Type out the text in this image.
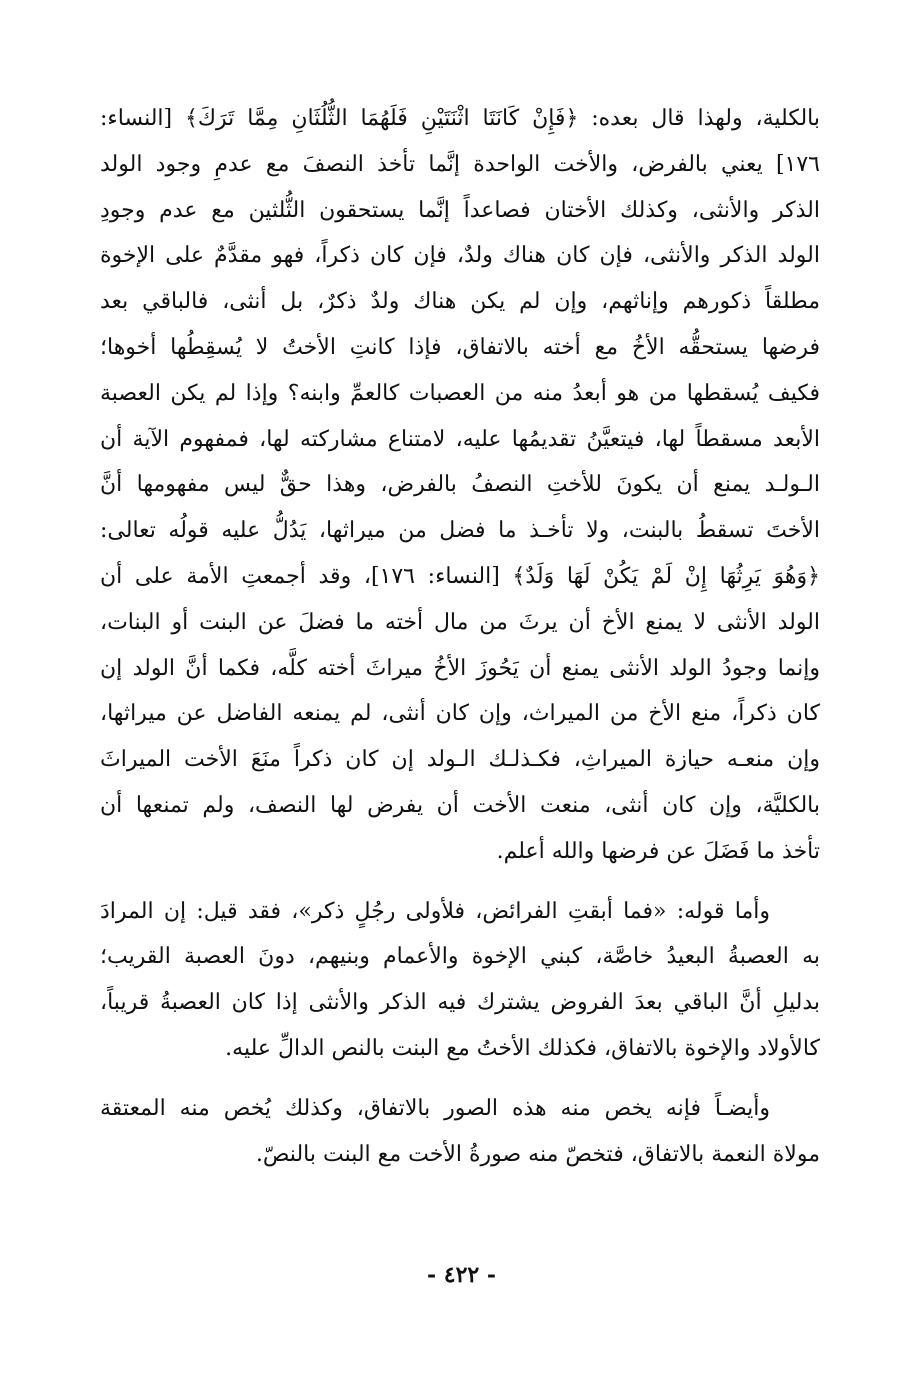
بالكلية، ولهذا قال بعده: ﴿فَإِنْ كَانَتَا اثْنَتَيْنِ فَلَهُمَا الثُّلُثَانِ مِمَّا تَرَكَ﴾ [النساء:
١٧٦] يعني بالفرض، والأخت الواحدة إنَّما تأخذ النصفَ مع عدمِ وجود الولد
الذكر والأنثى، وكذلك الأختان فصاعداً إنَّما يستحقون الثُّلثين مع عدم وجودِ
الولد الذكر والأنثى، فإن كان هناك ولدٌ، فإن كان ذكراً، فهو مقدَّمٌ على الإخوة
مطلقاً ذكورهم وإناثهم، وإن لم يكن هناك ولدٌ ذكرٌ، بل أنثى، فالباقي بعد
فرضها يستحقُّه الأخُ مع أخته بالاتفاق، فإذا كانتِ الأختُ لا يُسقِطُها أخوها؛
فكيف يُسقطها من هو أبعدُ منه من العصبات كالعمِّ وابنه؟ وإذا لم يكن العصبة
الأبعد مسقطاً لها، فيتعيَّنُ تقديمُها عليه، لامتناع مشاركته لها، فمفهوم الآية أن
الـولـد يمنع أن يكونَ للأختِ النصفُ بالفرض، وهذا حقٌّ ليس مفهومها أنَّ
الأختَ تسقطُ بالبنت، ولا تأخـذ ما فضل من ميراثها، يَدُلُّ عليه قولُه تعالى:
﴿وَهُوَ يَرِثُهَا إِنْ لَمْ يَكُنْ لَهَا وَلَدٌ﴾ [النساء: ١٧٦]، وقد أجمعتِ الأمة على أن
الولد الأنثى لا يمنع الأخ أن يرثَ من مال أخته ما فضلَ عن البنت أو البنات،
وإنما وجودُ الولد الأنثى يمنع أن يَحُوزَ الأخُ ميراثَ أخته كلَّه، فكما أنَّ الولد إن
كان ذكراً، منع الأخ من الميراث، وإن كان أنثى، لم يمنعه الفاضل عن ميراثها،
وإن منعـه حيازة الميراثِ، فكـذلـك الـولد إن كان ذكراً منَعَ الأخت الميراثَ
بالكليَّة، وإن كان أنثى، منعت الأخت أن يفرض لها النصف، ولم تمنعها أن
تأخذ ما فَضَلَ عن فرضها والله أعلم.
وأما قوله: «فما أبقتِ الفرائض، فلأولى رجُلٍ ذكر»، فقد قيل: إن المرادَ
به العصبةُ البعيدُ خاصَّة، كبني الإخوة والأعمام وبنيهم، دونَ العصبة القريب؛
بدليلِ أنَّ الباقي بعدَ الفروض يشترك فيه الذكر والأنثى إذا كان العصبةُ قريباً،
كالأولاد والإخوة بالاتفاق، فكذلك الأختُ مع البنت بالنص الدالِّ عليه.
وأيضـاً فإنه يخص منه هذه الصور بالاتفاق، وكذلك يُخص منه المعتقة
مولاة النعمة بالاتفاق، فتخصّ منه صورةُ الأخت مع البنت بالنصّ.
- ٤٢٢ -
